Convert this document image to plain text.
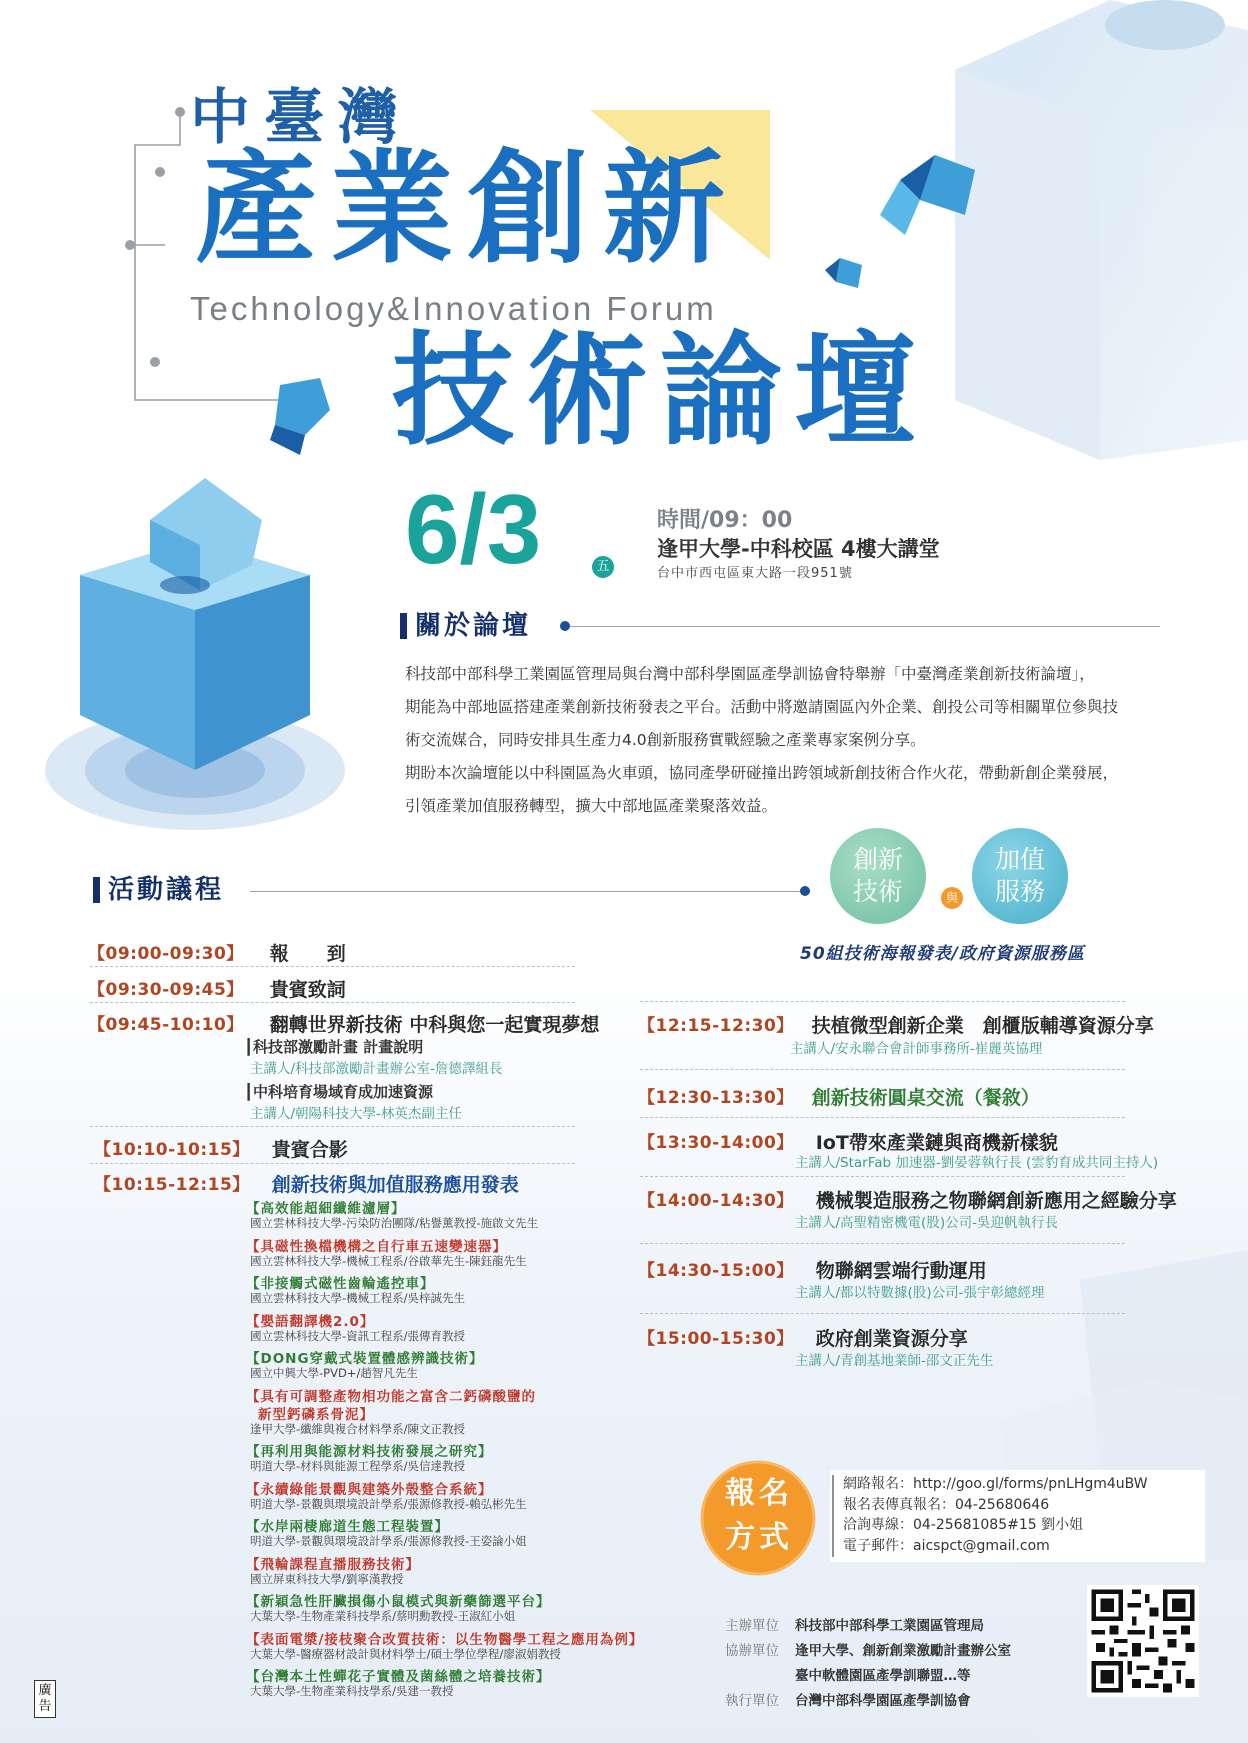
中臺灣
產業創新
Technology&Innovation Forum
技術論壇
6/3	五
時間/09：00
逢甲大學-中科校區 4樓大講堂
台中市西屯區東大路一段951號
關於論壇

科技部中部科學工業園區管理局與台灣中部科學園區產學訓協會特舉辦「中臺灣產業創新技術論壇」，

期能為中部地區搭建產業創新技術發表之平台。活動中將邀請園區內外企業、創投公司等相關單位參與技

術交流媒合，同時安排具生產力4.0創新服務實戰經驗之產業專家案例分享。

期盼本次論壇能以中科園區為火車頭，協同產學研碰撞出跨領域新創技術合作火花，帶動新創企業發展，

引領產業加值服務轉型，擴大中部地區產業聚落效益。

創新
技術	與
加值
服務
50組技術海報發表/政府資源服務區
活動議程
【09:00-09:30】 報　　到
【09:30-09:45】 貴賓致詞
【09:45-10:10】 翻轉世界新技術 中科與您一起實現夢想
┃科技部激勵計畫 計畫說明
主講人/科技部激勵計畫辦公室-詹德譯組長
┃中科培育場域育成加速資源
主講人/朝陽科技大學-林英杰副主任
【10:10-10:15】 貴賓合影
【10:15-12:15】 創新技術與加值服務應用發表
【高效能超細纖維濾層】
國立雲林科技大學-污染防治團隊/粘譽薰教授-施啟文先生
【具磁性換檔機構之自行車五速變速器】
國立雲林科技大學-機械工程系/谷啟華先生-陳鈺龍先生
【非接觸式磁性齒輪遙控車】
國立雲林科技大學-機械工程系/吳梓誠先生
【嬰語翻譯機2.0】
國立雲林科技大學-資訊工程系/張傳育教授
【DONG穿戴式裝置體感辨識技術】
國立中興大學-PVD+/趙智凡先生
【具有可調整產物相功能之富含二鈣磷酸鹽的
新型鈣磷系骨泥】
逢甲大學-纖維與複合材料學系/陳文正教授
【再利用與能源材料技術發展之研究】
明道大學-材料與能源工程學系/吳信達教授
【永續綠能景觀與建築外殼整合系統】
明道大學-景觀與環境設計學系/張源修教授-賴弘彬先生
【水岸兩棲廊道生態工程裝置】
明道大學-景觀與環境設計學系/張源修教授-王姿論小姐
【飛輪課程直播服務技術】
國立屏東科技大學/劉寧漢教授
【新穎急性肝臟損傷小鼠模式與新藥篩選平台】
大葉大學-生物產業科技學系/蔡明勳教授-王淑紅小姐
【表面電漿/接枝聚合改質技術：以生物醫學工程之應用為例】
大葉大學-醫療器材設計與材料學士/碩士學位學程/廖淑娟教授
【台灣本土性蟬花子實體及菌絲體之培養技術】
大葉大學-生物產業科技學系/吳建一教授
【12:15-12:30】 扶植微型創新企業　創櫃版輔導資源分享
主講人/安永聯合會計師事務所-崔麗英協理
【12:30-13:30】 創新技術圓桌交流（餐敘）
【13:30-14:00】 IoT帶來產業鏈與商機新樣貌
主講人/StarFab 加速器-劉晏蓉執行長 (雲豹育成共同主持人)
【14:00-14:30】 機械製造服務之物聯網創新應用之經驗分享
主講人/高聖精密機電(股)公司-吳迎帆執行長
【14:30-15:00】 物聯網雲端行動運用
主講人/都以特數據(股)公司-張宇彰總經理
【15:00-15:30】 政府創業資源分享
主講人/青創基地業師-邵文正先生
報名
方式
網路報名：http://goo.gl/forms/pnLHgm4uBW
報名表傳真報名：04-25680646
洽詢專線：04-25681085#15 劉小姐
電子郵件：aicspct@gmail.com
主辦單位 科技部中部科學工業園區管理局
協辦單位 逢甲大學、創新創業激勵計畫辦公室
臺中軟體園區產學訓聯盟…等
執行單位 台灣中部科學園區產學訓協會
廣告
